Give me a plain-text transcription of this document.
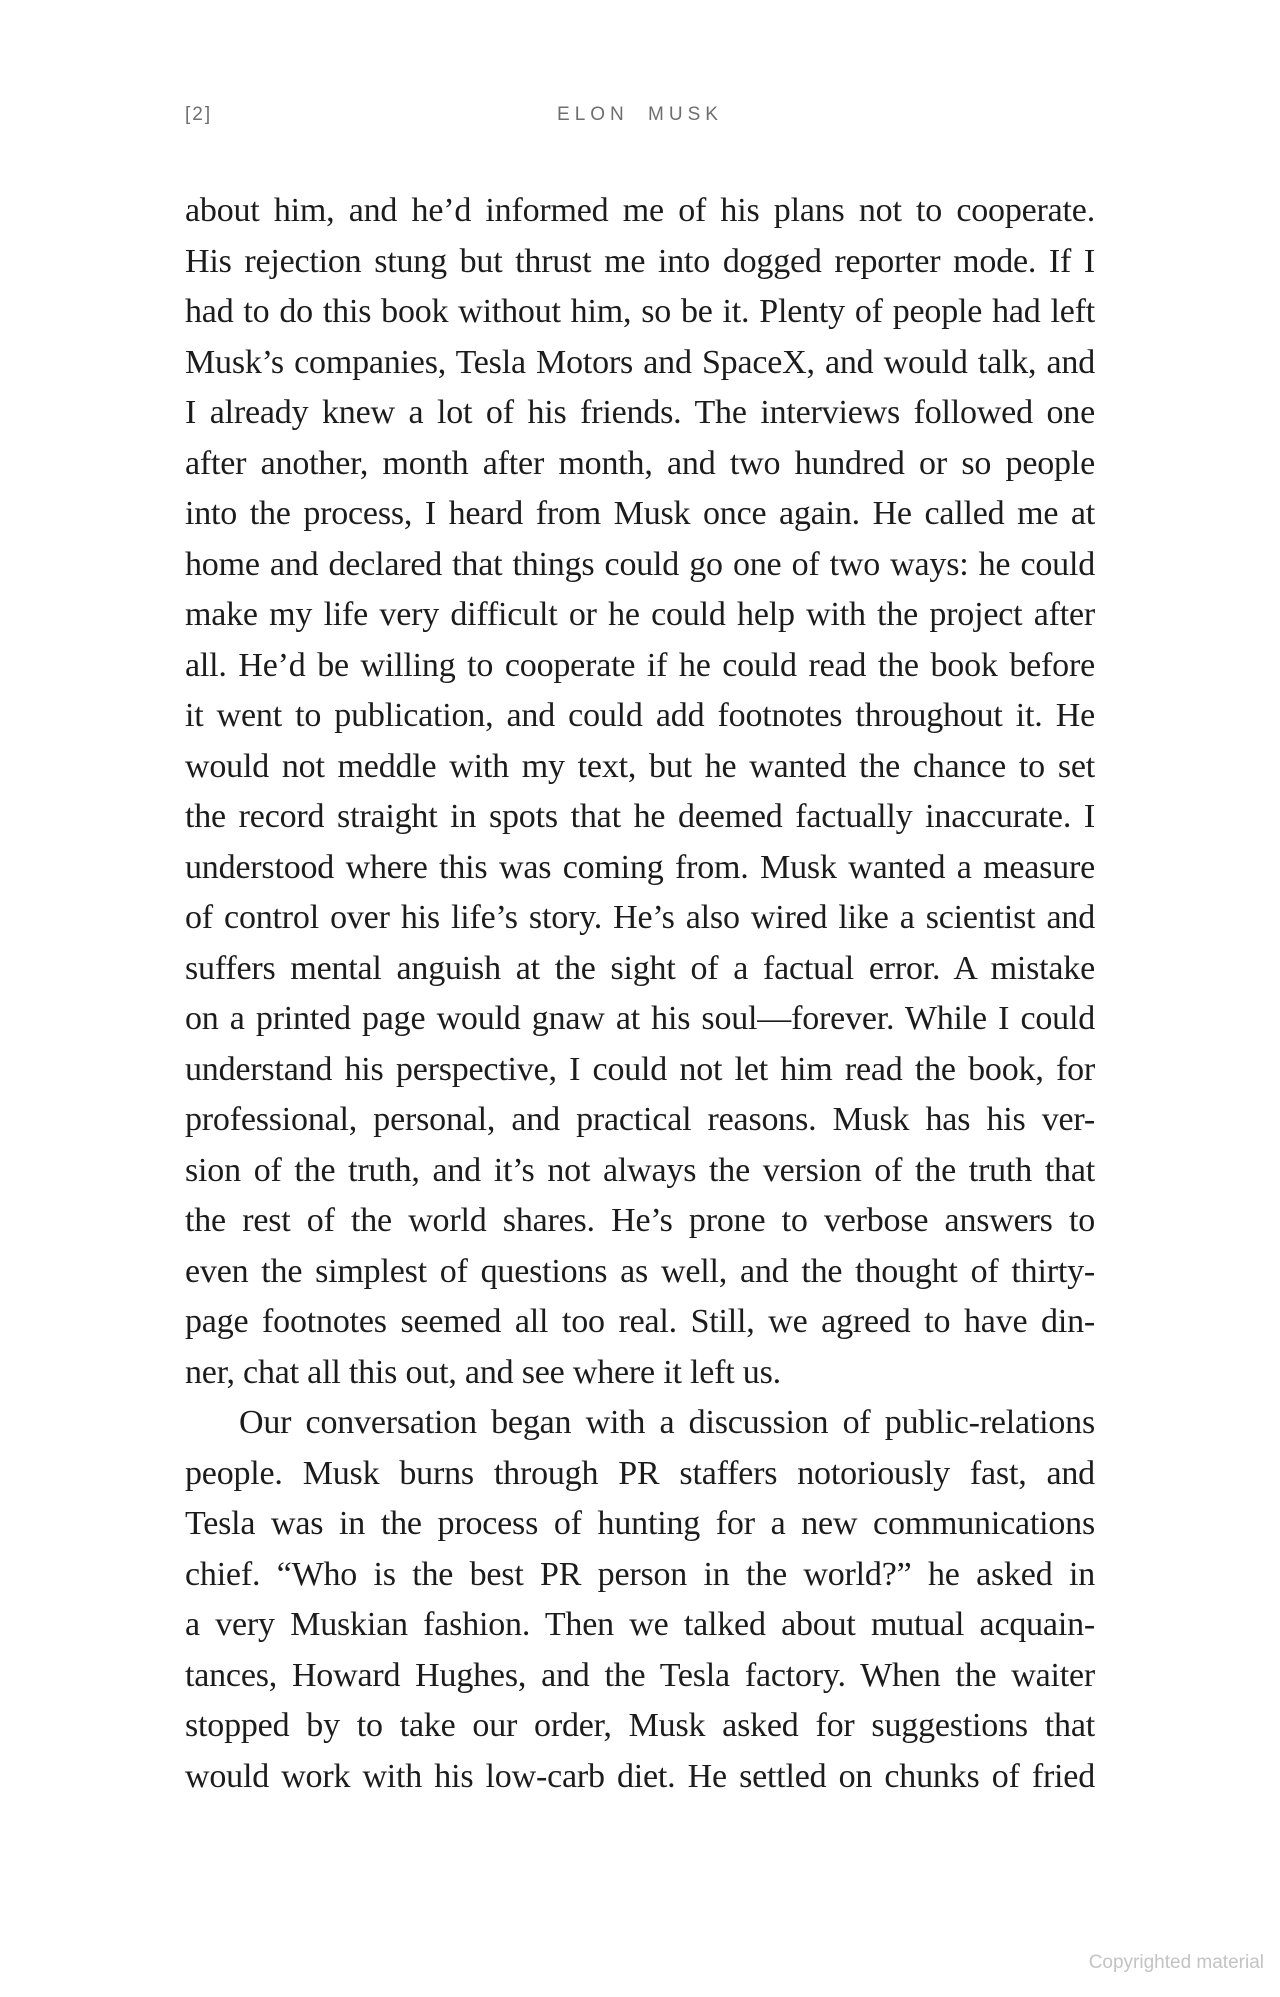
[2]	ELON MUSK
about him, and he’d informed me of his plans not to cooperate.
His rejection stung but thrust me into dogged reporter mode. If I
had to do this book without him, so be it. Plenty of people had left
Musk’s companies, Tesla Motors and SpaceX, and would talk, and
I already knew a lot of his friends. The interviews followed one
after another, month after month, and two hundred or so people
into the process, I heard from Musk once again. He called me at
home and declared that things could go one of two ways: he could
make my life very difficult or he could help with the project after
all. He’d be willing to cooperate if he could read the book before
it went to publication, and could add footnotes throughout it. He
would not meddle with my text, but he wanted the chance to set
the record straight in spots that he deemed factually inaccurate. I
understood where this was coming from. Musk wanted a measure
of control over his life’s story. He’s also wired like a scientist and
suffers mental anguish at the sight of a factual error. A mistake
on a printed page would gnaw at his soul—forever. While I could
understand his perspective, I could not let him read the book, for
professional, personal, and practical reasons. Musk has his ver-
sion of the truth, and it’s not always the version of the truth that
the rest of the world shares. He’s prone to verbose answers to
even the simplest of questions as well, and the thought of thirty-
page footnotes seemed all too real. Still, we agreed to have din-
ner, chat all this out, and see where it left us.
Our conversation began with a discussion of public-relations
people. Musk burns through PR staffers notoriously fast, and
Tesla was in the process of hunting for a new communications
chief. “Who is the best PR person in the world?” he asked in
a very Muskian fashion. Then we talked about mutual acquain-
tances, Howard Hughes, and the Tesla factory. When the waiter
stopped by to take our order, Musk asked for suggestions that
would work with his low-carb diet. He settled on chunks of fried
Copyrighted material
